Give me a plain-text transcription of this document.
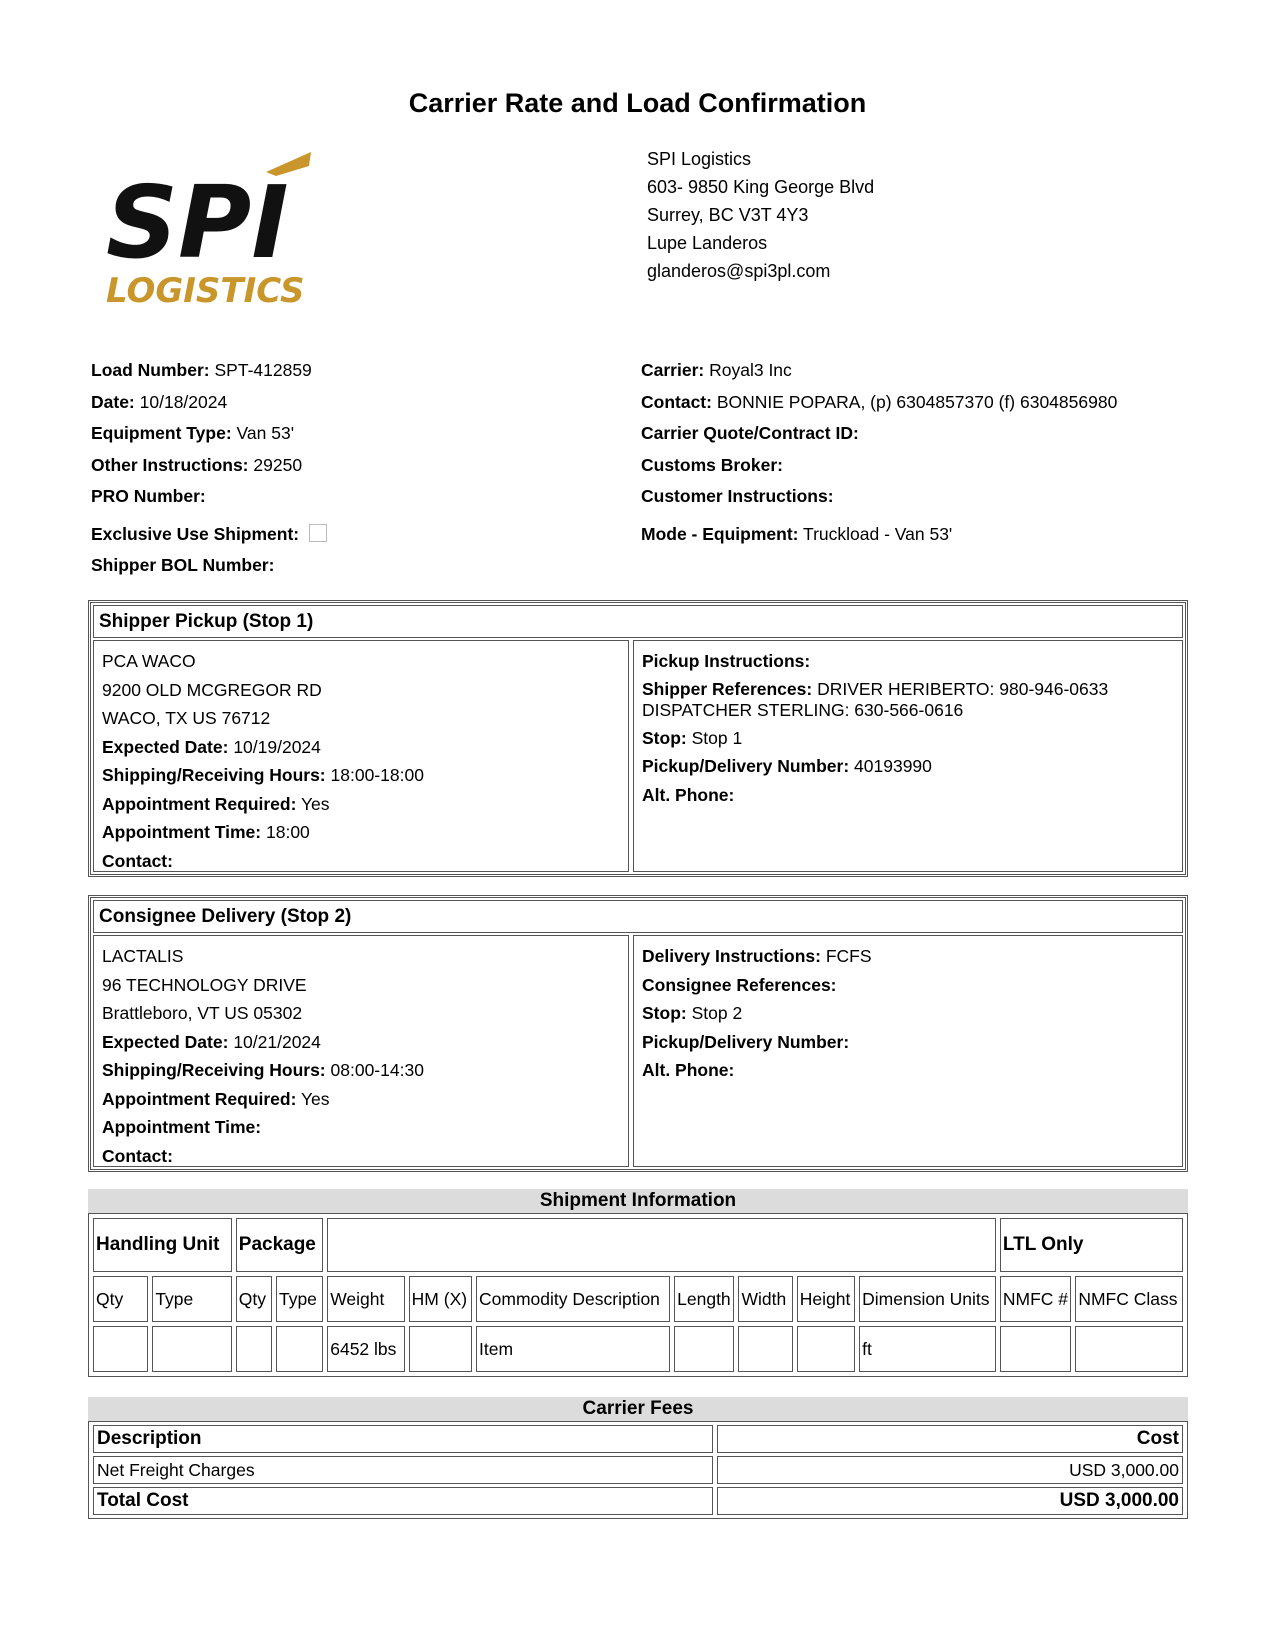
Carrier Rate and Load Confirmation
SPI
LOGISTICS
SPI Logistics
603- 9850 King George Blvd
Surrey, BC V3T 4Y3
Lupe Landeros
glanderos@spi3pl.com
Load Number: SPT-412859
Date: 10/18/2024
Equipment Type: Van 53'
Other Instructions: 29250
PRO Number:
Exclusive Use Shipment:
Shipper BOL Number:
Carrier: Royal3 Inc
Contact: BONNIE POPARA, (p) 6304857370 (f) 6304856980
Carrier Quote/Contract ID:
Customs Broker:
Customer Instructions:
Mode - Equipment: Truckload - Van 53'
Shipper Pickup (Stop 1)
PCA WACO
9200 OLD MCGREGOR RD
WACO, TX US 76712
Expected Date: 10/19/2024
Shipping/Receiving Hours: 18:00-18:00
Appointment Required: Yes
Appointment Time: 18:00
Contact:
Pickup Instructions:
Shipper References: DRIVER HERIBERTO: 980-946-0633 DISPATCHER STERLING: 630-566-0616
Stop: Stop 1
Pickup/Delivery Number: 40193990
Alt. Phone:
Consignee Delivery (Stop 2)
LACTALIS
96 TECHNOLOGY DRIVE
Brattleboro, VT US 05302
Expected Date: 10/21/2024
Shipping/Receiving Hours: 08:00-14:30
Appointment Required: Yes
Appointment Time:
Contact:
Delivery Instructions: FCFS
Consignee References:
Stop: Stop 2
Pickup/Delivery Number:
Alt. Phone:
Shipment Information
Handling Unit		Package									LTL Only	
Qty	Type	Qty	Type	Weight	HM (X)	Commodity Description	Length	Width	Height	Dimension Units	NMFC #	NMFC Class
				6452 lbs		Item				ft		
Carrier Fees
Description	Cost
Net Freight Charges	USD 3,000.00
Total Cost	USD 3,000.00
